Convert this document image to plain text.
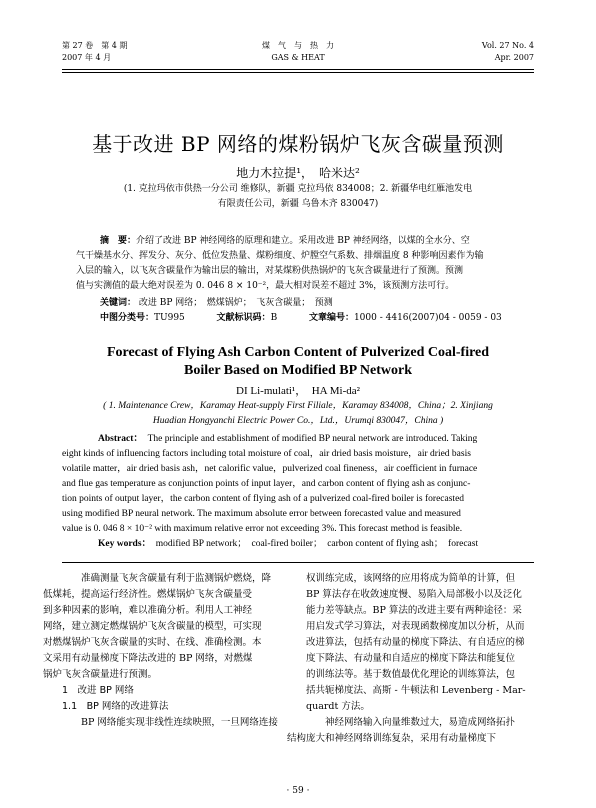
第 27 卷　第 4 期
2007 年 4 月
煤　气　与　热　力
GAS & HEAT
Vol. 27 No. 4
Apr. 2007
基于改进 BP 网络的煤粉锅炉飞灰含碳量预测
地力木拉提¹，　哈米达²
(1. 克拉玛依市供热一分公司 维修队，新疆 克拉玛依 834008；2. 新疆华电红雁池发电
有限责任公司，新疆 乌鲁木齐 830047)
摘　要：介绍了改进 BP 神经网络的原理和建立。采用改进 BP 神经网络，以煤的全水分、空
气干燥基水分、挥发分、灰分、低位发热量、煤粉细度、炉膛空气系数、排烟温度 8 种影响因素作为输
入层的输入，以飞灰含碳量作为输出层的输出，对某煤粉供热锅炉的飞灰含碳量进行了预测。预测
值与实测值的最大绝对误差为 0. 046 8 × 10⁻²，最大相对误差不超过 3%，该预测方法可行。
关键词： 改进 BP 网络；　燃煤锅炉；　飞灰含碳量；　预测
中图分类号：TU995	文献标识码：B	文章编号：1000 - 4416(2007)04 - 0059 - 03
Forecast of Flying Ash Carbon Content of Pulverized Coal-fired
Boiler Based on Modified BP Network
DI Li-mulati¹，　HA Mi-da²
( 1. Maintenance Crew，Karamay Heat-supply First Filiale，Karamay 834008，China；2. Xinjiang
Huadian Hongyanchi Electric Power Co.，Ltd.，Urumqi 830047，China )
Abstract： The principle and establishment of modified BP neural network are introduced. Taking
eight kinds of influencing factors including total moisture of coal，air dried basis moisture，air dried basis
volatile matter，air dried basis ash，net calorific value，pulverized coal fineness，air coefficient in furnace
and flue gas temperature as conjunction points of input layer，and carbon content of flying ash as conjunc-
tion points of output layer，the carbon content of flying ash of a pulverized coal-fired boiler is forecasted
using modified BP neural network. The maximum absolute error between forecasted value and measured
value is 0. 046 8 × 10⁻² with maximum relative error not exceeding 3%. This forecast method is feasible.
Key words： modified BP network；　coal-fired boiler；　carbon content of flying ash；　forecast

准确测量飞灰含碳量有利于监测锅炉燃烧，降
低煤耗，提高运行经济性。燃煤锅炉飞灰含碳量受
到多种因素的影响，难以准确分析。利用人工神经
网络，建立测定燃煤锅炉飞灰含碳量的模型，可实现
对燃煤锅炉飞灰含碳量的实时、在线、准确检测。本
文采用有动量梯度下降法改进的 BP 网络，对燃煤
锅炉飞灰含碳量进行预测。

1　改进 BP 网络
1.1　BP 网络的改进算法

BP 网络能实现非线性连续映照，一旦网络连接

权训练完成，该网络的应用将成为简单的计算，但
BP 算法存在收敛速度慢、易陷入局部极小以及泛化
能力差等缺点。BP 算法的改进主要有两种途径：采
用启发式学习算法，对表现函数梯度加以分析，从而
改进算法，包括有动量的梯度下降法、有自适应的梯
度下降法、有动量和自适应的梯度下降法和能复位
的训练法等。基于数值最优化理论的训练算法，包
括共轭梯度法、高斯 - 牛顿法和 Levenberg - Mar-
quardt 方法。

神经网络输入向量维数过大，易造成网络拓扑
结构庞大和神经网络训练复杂，采用有动量梯度下

· 59 ·
